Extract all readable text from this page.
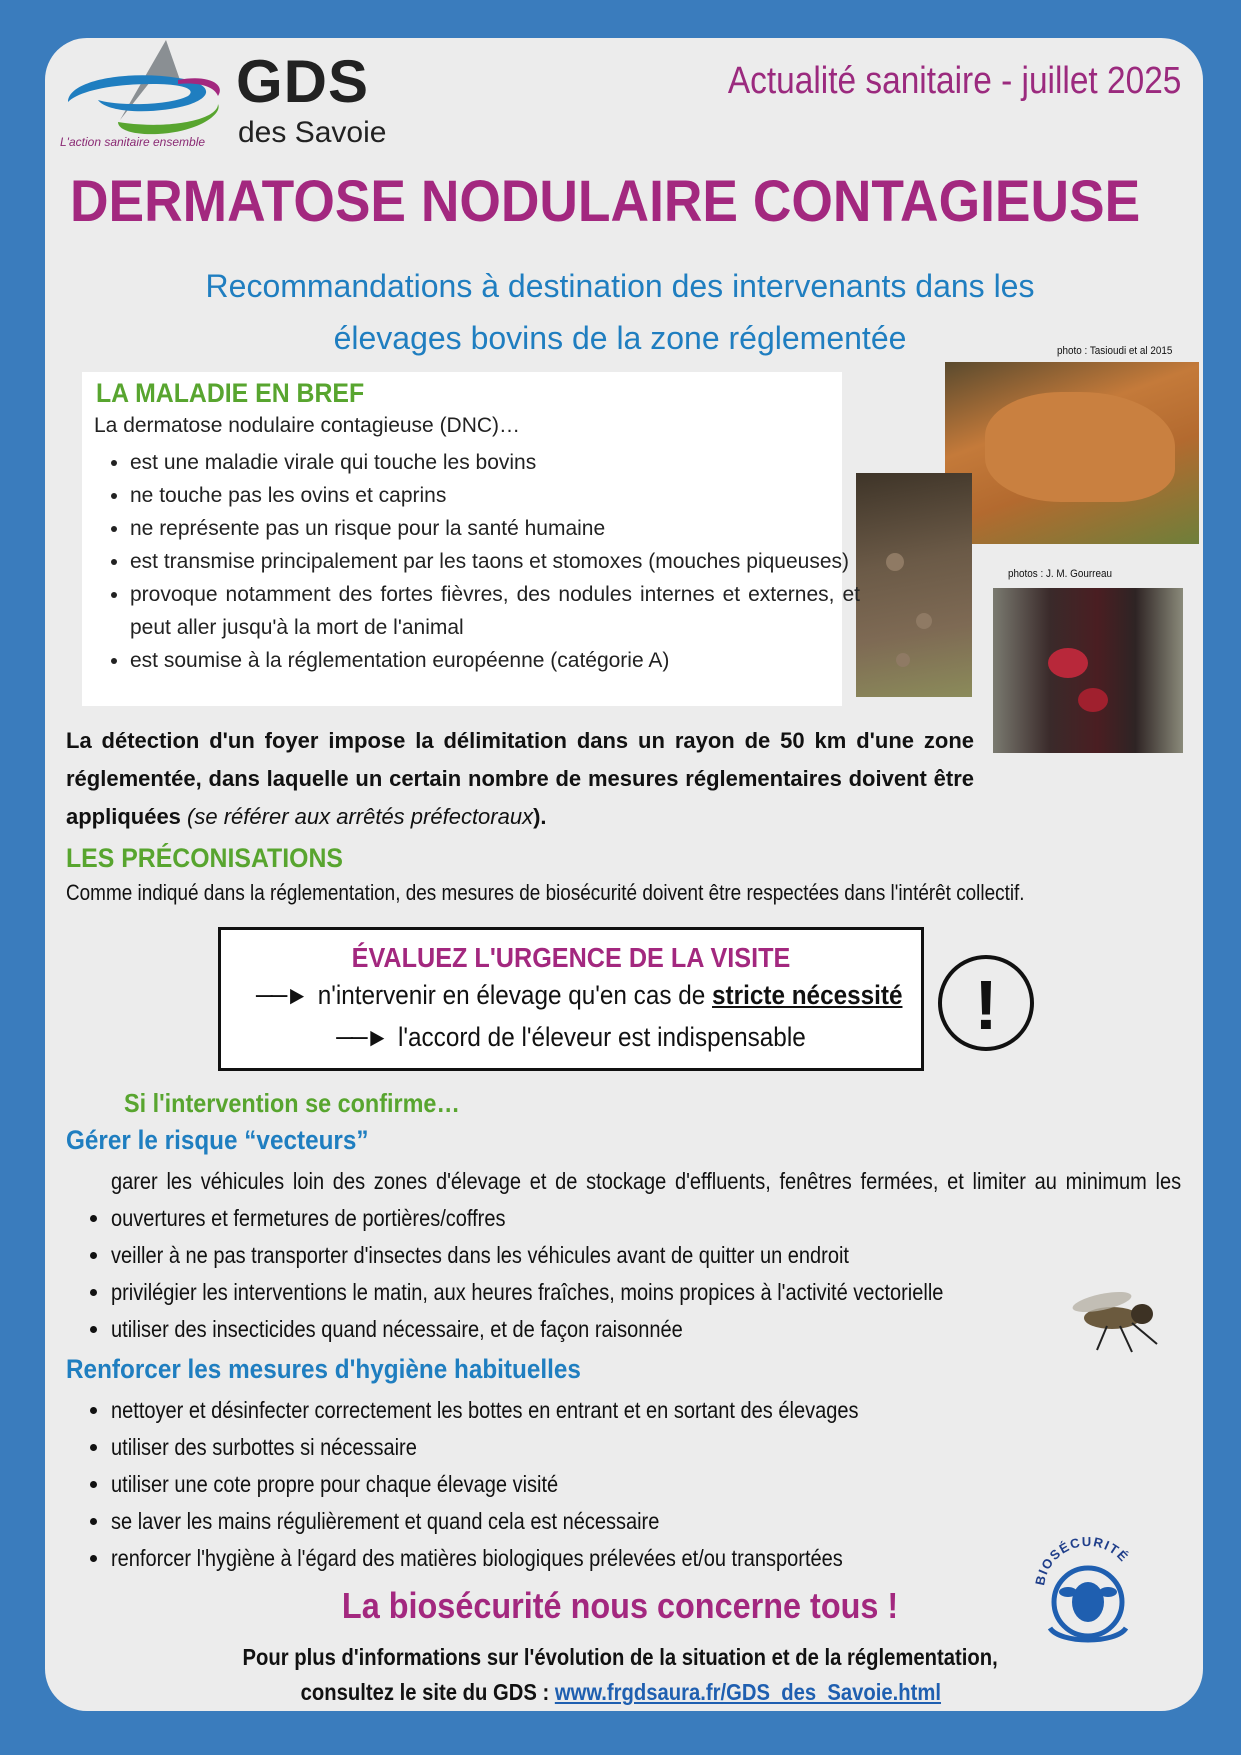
L'action sanitaire ensemble
GDS
des Savoie
Actualité sanitaire - juillet 2025
DERMATOSE NODULAIRE CONTAGIEUSE
Recommandations à destination des intervenants dans les
élevages bovins de la zone réglementée	photo : Tasioudi et al 2015
photos : J. M. Gourreau
LA MALADIE EN BREF
La dermatose nodulaire contagieuse (DNC)…
• est une maladie virale qui touche les bovins
• ne touche pas les ovins et caprins
• ne représente pas un risque pour la santé humaine
• est transmise principalement par les taons et stomoxes (mouches piqueuses)
• provoque notamment des fortes fièvres, des nodules internes et externes, et peut aller jusqu'à la mort de l'animal
• est soumise à la réglementation européenne (catégorie A)
La détection d'un foyer impose la délimitation dans un rayon de 50 km d'une zone réglementée, dans laquelle un certain nombre de mesures réglementaires doivent être appliquées (se référer aux arrêtés préfectoraux).
LES PRÉCONISATIONS
Comme indiqué dans la réglementation, des mesures de biosécurité doivent être respectées dans l'intérêt collectif.
ÉVALUEZ L'URGENCE DE LA VISITE
──► n'intervenir en élevage qu'en cas de stricte nécessité
──► l'accord de l'éleveur est indispensable	!
Si l'intervention se confirme…
Gérer le risque “vecteurs”
• garer les véhicules loin des zones d'élevage et de stockage d'effluents, fenêtres fermées, et limiter au minimum les ouvertures et fermetures de portières/coffres
• veiller à ne pas transporter d'insectes dans les véhicules avant de quitter un endroit
• privilégier les interventions le matin, aux heures fraîches, moins propices à l'activité vectorielle
• utiliser des insecticides quand nécessaire, et de façon raisonnée
Renforcer les mesures d'hygiène habituelles
• nettoyer et désinfecter correctement les bottes en entrant et en sortant des élevages
• utiliser des surbottes si nécessaire
• utiliser une cote propre pour chaque élevage visité
• se laver les mains régulièrement et quand cela est nécessaire
• renforcer l'hygiène à l'égard des matières biologiques prélevées et/ou transportées
BIOSÉCURITÉ
La biosécurité nous concerne tous !
Pour plus d'informations sur l'évolution de la situation et de la réglementation,
consultez le site du GDS : www.frgdsaura.fr/GDS_des_Savoie.html
